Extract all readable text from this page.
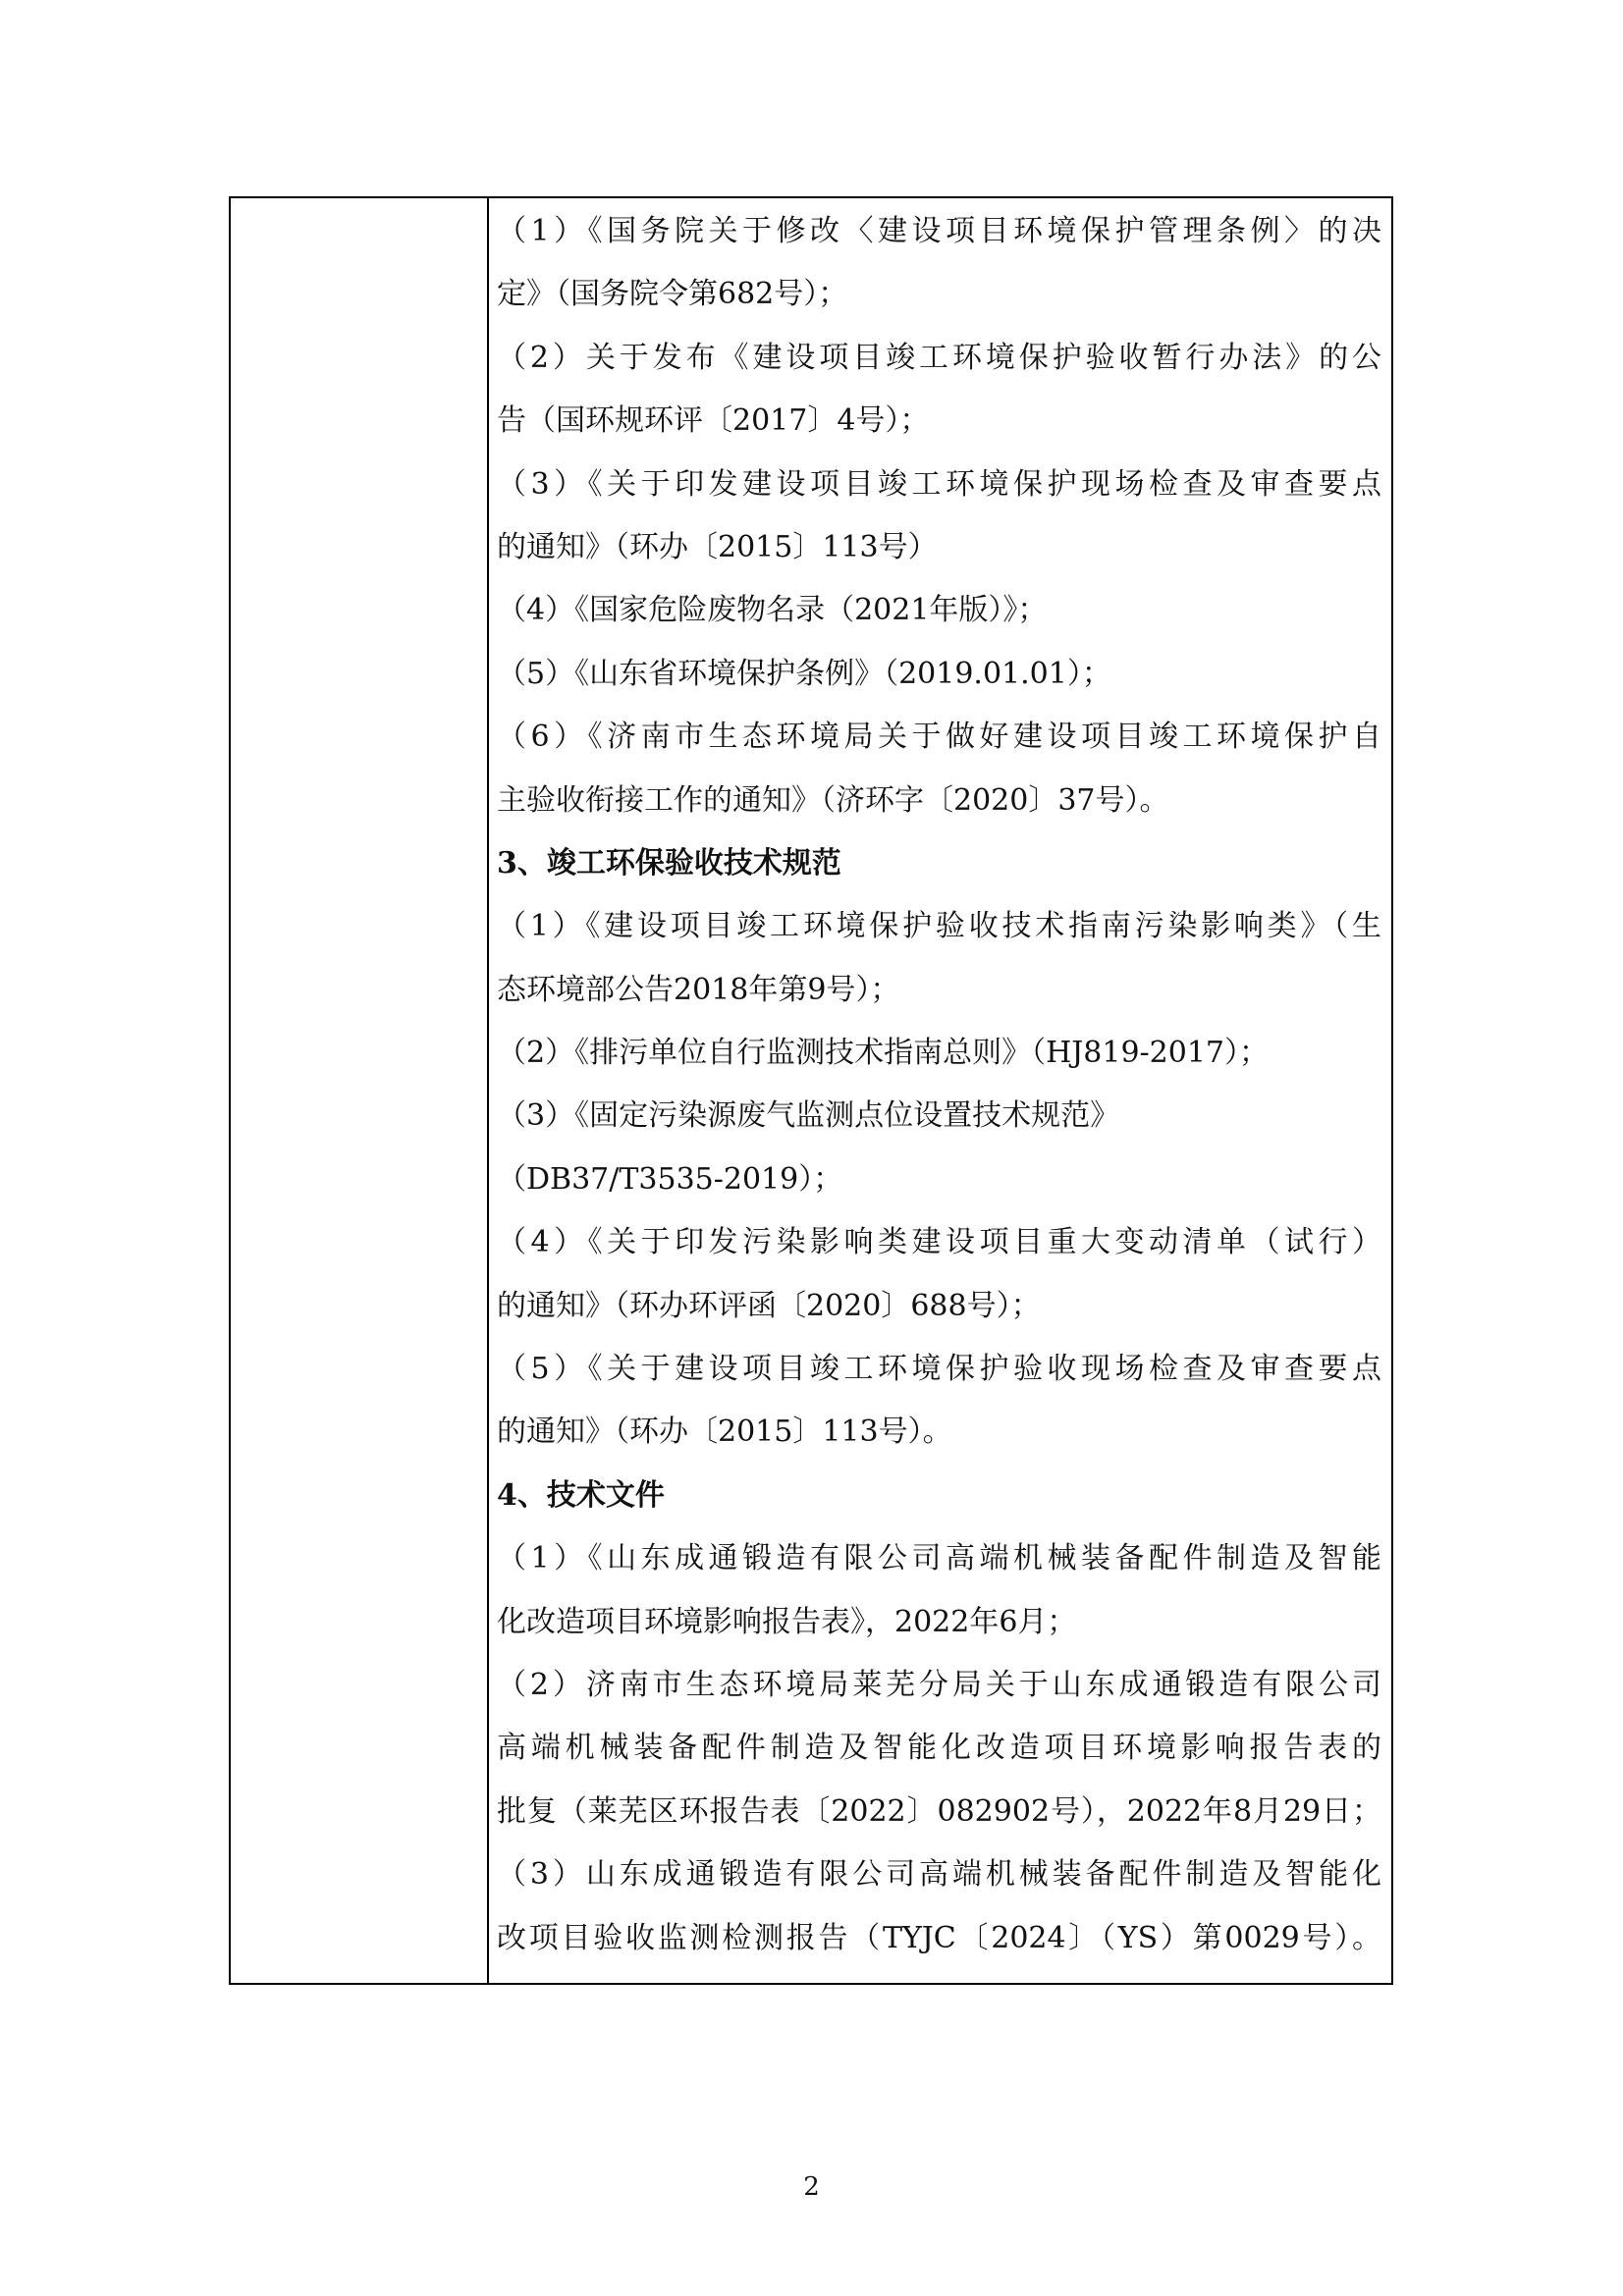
（1）《国务院关于修改〈建设项目环境保护管理条例〉的决
定》（国务院令第682号）；
（2）关于发布《建设项目竣工环境保护验收暂行办法》的公
告（国环规环评〔2017〕4号）；
（3）《关于印发建设项目竣工环境保护现场检查及审查要点
的通知》（环办〔2015〕113号）
（4）《国家危险废物名录（2021年版）》；
（5）《山东省环境保护条例》（2019.01.01）；
（6）《济南市生态环境局关于做好建设项目竣工环境保护自
主验收衔接工作的通知》（济环字〔2020〕37号）。
3、竣工环保验收技术规范
（1）《建设项目竣工环境保护验收技术指南污染影响类》（生
态环境部公告2018年第9号）；
（2）《排污单位自行监测技术指南总则》（HJ819-2017）；
（3）《固定污染源废气监测点位设置技术规范》
（DB37/T3535-2019）；
（4）《关于印发污染影响类建设项目重大变动清单（试行）
的通知》（环办环评函〔2020〕688号）；
（5）《关于建设项目竣工环境保护验收现场检查及审查要点
的通知》（环办〔2015〕113号）。
4、技术文件
（1）《山东成通锻造有限公司高端机械装备配件制造及智能
化改造项目环境影响报告表》，2022年6月；
（2）济南市生态环境局莱芜分局关于山东成通锻造有限公司
高端机械装备配件制造及智能化改造项目环境影响报告表的
批复（莱芜区环报告表〔2022〕082902号），2022年8月29日；
（3）山东成通锻造有限公司高端机械装备配件制造及智能化
改项目验收监测检测报告（TYJC〔2024〕（YS）第0029号）。
2
